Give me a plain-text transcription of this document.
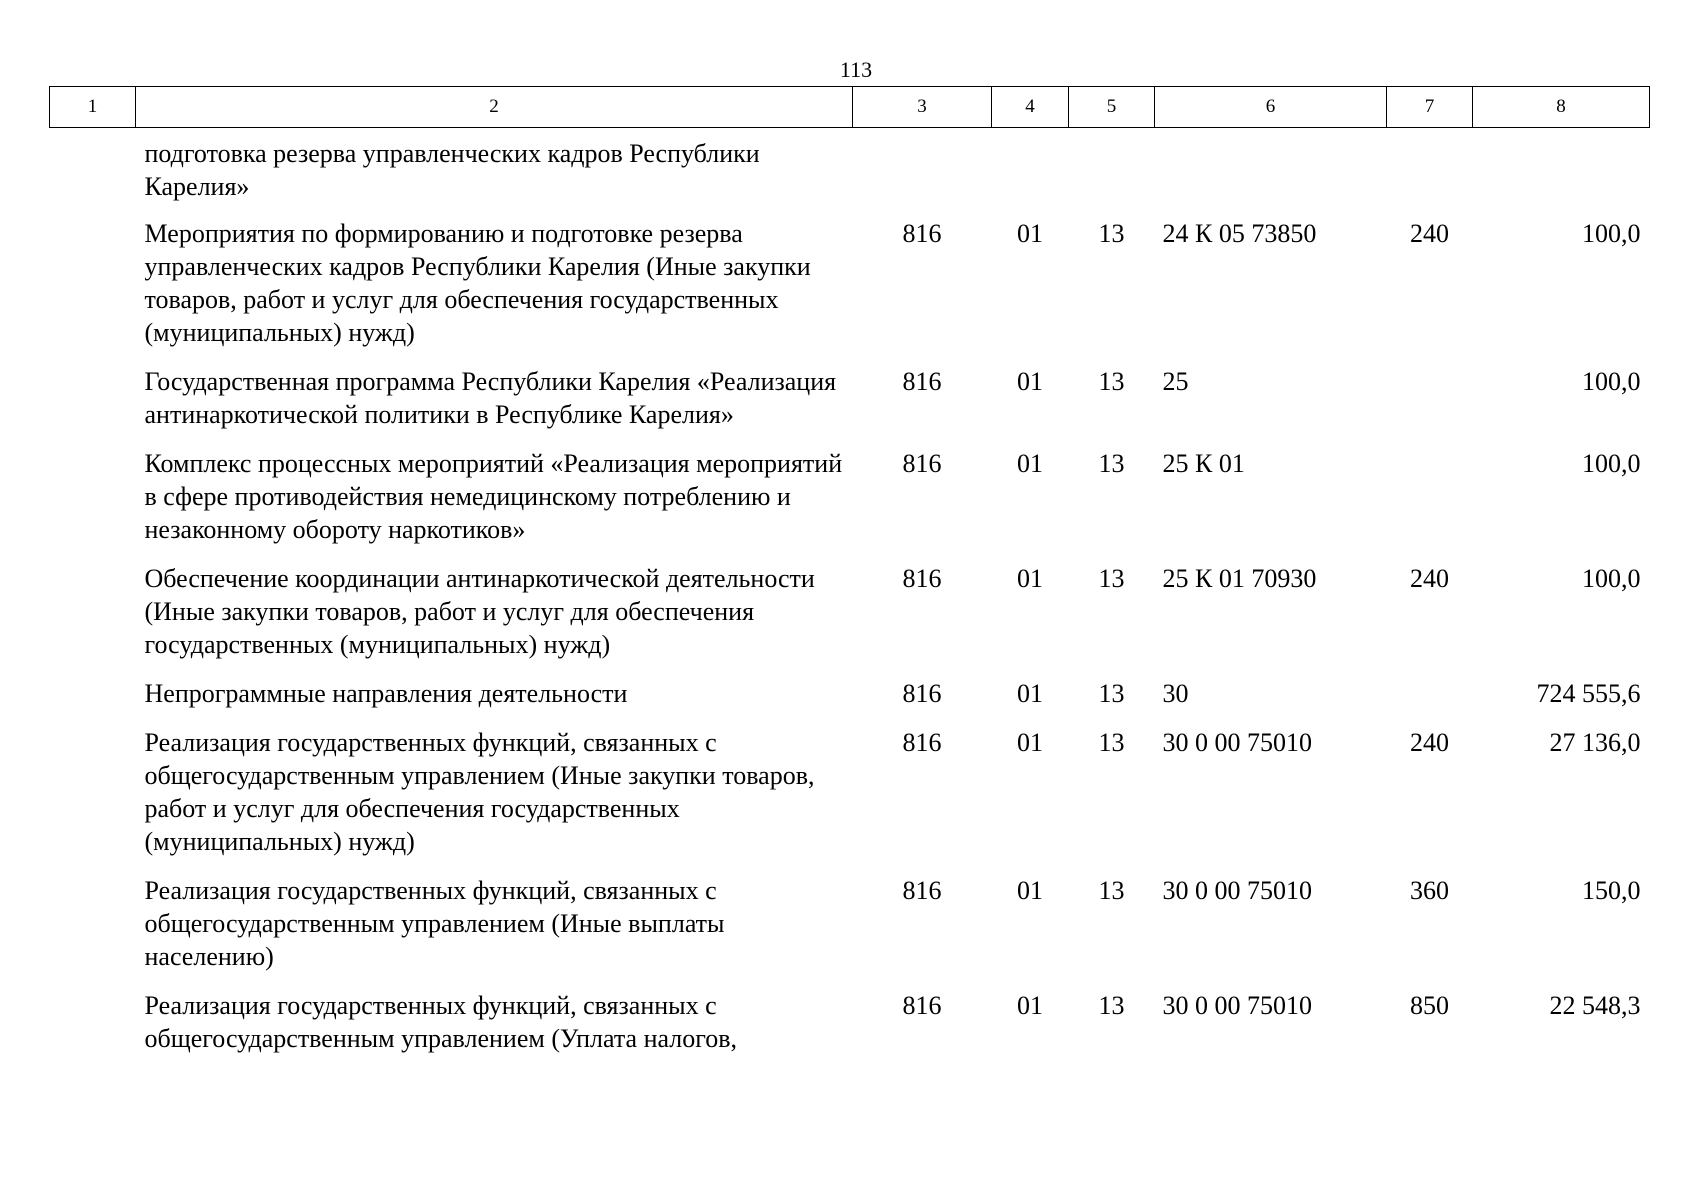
113
1	2	3	4	5	6	7	8
	подготовка резерва управленческих кадров Республики Карелия»						
	Мероприятия по формированию и подготовке резерва управленческих кадров Республики Карелия (Иные закупки товаров, работ и услуг для обеспечения государственных (муниципальных) нужд)	816	01	13	24 К 05 73850	240	100,0
	Государственная программа Республики Карелия «Реализация антинаркотической политики в Республике Карелия»	816	01	13	25		100,0
	Комплекс процессных мероприятий «Реализация мероприятий в сфере противодействия немедицинскому потреблению и незаконному обороту наркотиков»	816	01	13	25 К 01		100,0
	Обеспечение координации антинаркотической деятельности (Иные закупки товаров, работ и услуг для обеспечения государственных (муниципальных) нужд)	816	01	13	25 К 01 70930	240	100,0
	Непрограммные направления деятельности	816	01	13	30		724 555,6
	Реализация государственных функций, связанных с общегосударственным управлением (Иные закупки товаров, работ и услуг для обеспечения государственных (муниципальных) нужд)	816	01	13	30 0 00 75010	240	27 136,0
	Реализация государственных функций, связанных с общегосударственным управлением (Иные выплаты населению)	816	01	13	30 0 00 75010	360	150,0
	Реализация государственных функций, связанных с общегосударственным управлением (Уплата налогов,	816	01	13	30 0 00 75010	850	22 548,3
